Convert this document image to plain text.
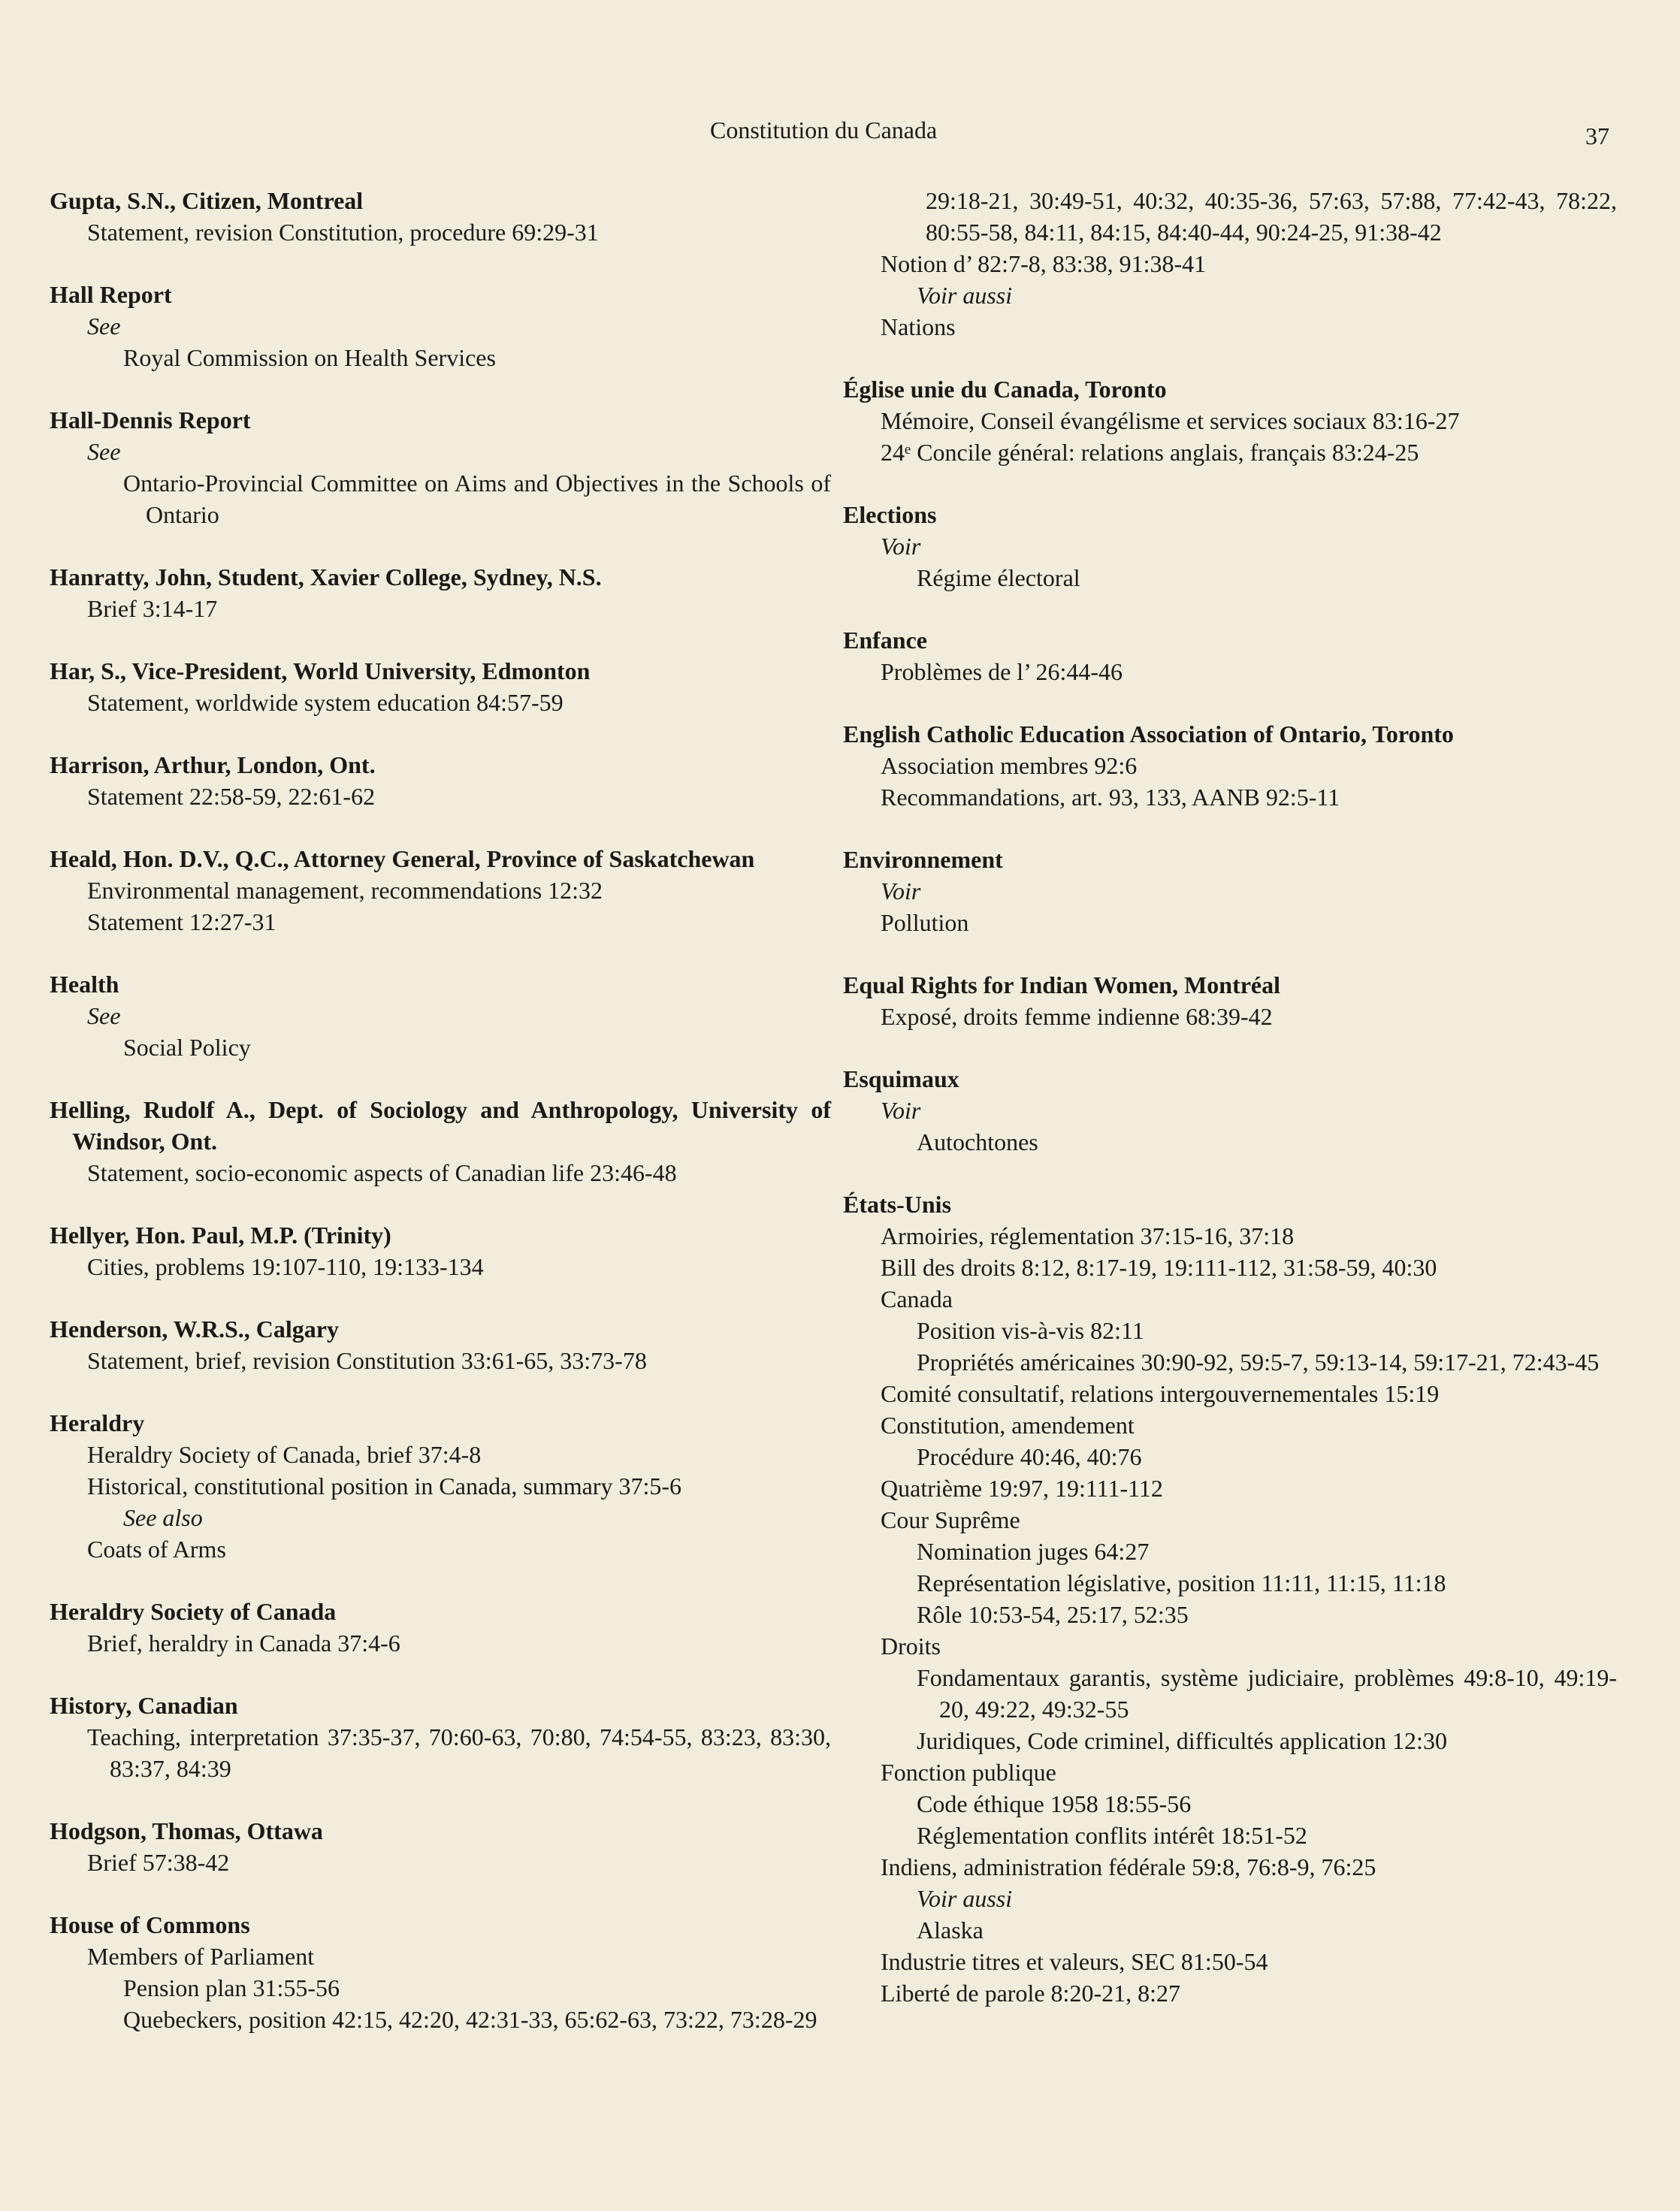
Constitution du Canada	37
Gupta, S.N., Citizen, Montreal
Statement, revision Constitution, procedure 69:29-31
Hall Report
See
Royal Commission on Health Services
Hall-Dennis Report
See
Ontario-Provincial Committee on Aims and Objectives in the Schools of Ontario
Hanratty, John, Student, Xavier College, Sydney, N.S.
Brief 3:14-17
Har, S., Vice-President, World University, Edmonton
Statement, worldwide system education 84:57-59
Harrison, Arthur, London, Ont.
Statement 22:58-59, 22:61-62
Heald, Hon. D.V., Q.C., Attorney General, Province of Saskatchewan
Environmental management, recommendations 12:32
Statement 12:27-31
Health
See
Social Policy
Helling, Rudolf A., Dept. of Sociology and Anthropology, University of Windsor, Ont.
Statement, socio-economic aspects of Canadian life 23:46-48
Hellyer, Hon. Paul, M.P. (Trinity)
Cities, problems 19:107-110, 19:133-134
Henderson, W.R.S., Calgary
Statement, brief, revision Constitution 33:61-65, 33:73-78
Heraldry
Heraldry Society of Canada, brief 37:4-8
Historical, constitutional position in Canada, summary 37:5-6
See also
Coats of Arms
Heraldry Society of Canada
Brief, heraldry in Canada 37:4-6
History, Canadian
Teaching, interpretation 37:35-37, 70:60-63, 70:80, 74:54-55, 83:23, 83:30, 83:37, 84:39
Hodgson, Thomas, Ottawa
Brief 57:38-42
House of Commons
Members of Parliament
Pension plan 31:55-56
Quebeckers, position 42:15, 42:20, 42:31-33, 65:62-63, 73:22, 73:28-29
29:18-21, 30:49-51, 40:32, 40:35-36, 57:63, 57:88, 77:42-43, 78:22, 80:55-58, 84:11, 84:15, 84:40-44, 90:24-25, 91:38-42
Notion d’ 82:7-8, 83:38, 91:38-41
Voir aussi
Nations
Église unie du Canada, Toronto
Mémoire, Conseil évangélisme et services sociaux 83:16-27
24ᵉ Concile général: relations anglais, français 83:24-25
Elections
Voir
Régime électoral
Enfance
Problèmes de l’ 26:44-46
English Catholic Education Association of Ontario, Toronto
Association membres 92:6
Recommandations, art. 93, 133, AANB 92:5-11
Environnement
Voir
Pollution
Equal Rights for Indian Women, Montréal
Exposé, droits femme indienne 68:39-42
Esquimaux
Voir
Autochtones
États-Unis
Armoiries, réglementation 37:15-16, 37:18
Bill des droits 8:12, 8:17-19, 19:111-112, 31:58-59, 40:30
Canada
Position vis-à-vis 82:11
Propriétés américaines 30:90-92, 59:5-7, 59:13-14, 59:17-21, 72:43-45
Comité consultatif, relations intergouvernementales 15:19
Constitution, amendement
Procédure 40:46, 40:76
Quatrième 19:97, 19:111-112
Cour Suprême
Nomination juges 64:27
Représentation législative, position 11:11, 11:15, 11:18
Rôle 10:53-54, 25:17, 52:35
Droits
Fondamentaux garantis, système judiciaire, problèmes 49:8-10, 49:19-20, 49:22, 49:32-55
Juridiques, Code criminel, difficultés application 12:30
Fonction publique
Code éthique 1958 18:55-56
Réglementation conflits intérêt 18:51-52
Indiens, administration fédérale 59:8, 76:8-9, 76:25
Voir aussi
Alaska
Industrie titres et valeurs, SEC 81:50-54
Liberté de parole 8:20-21, 8:27
